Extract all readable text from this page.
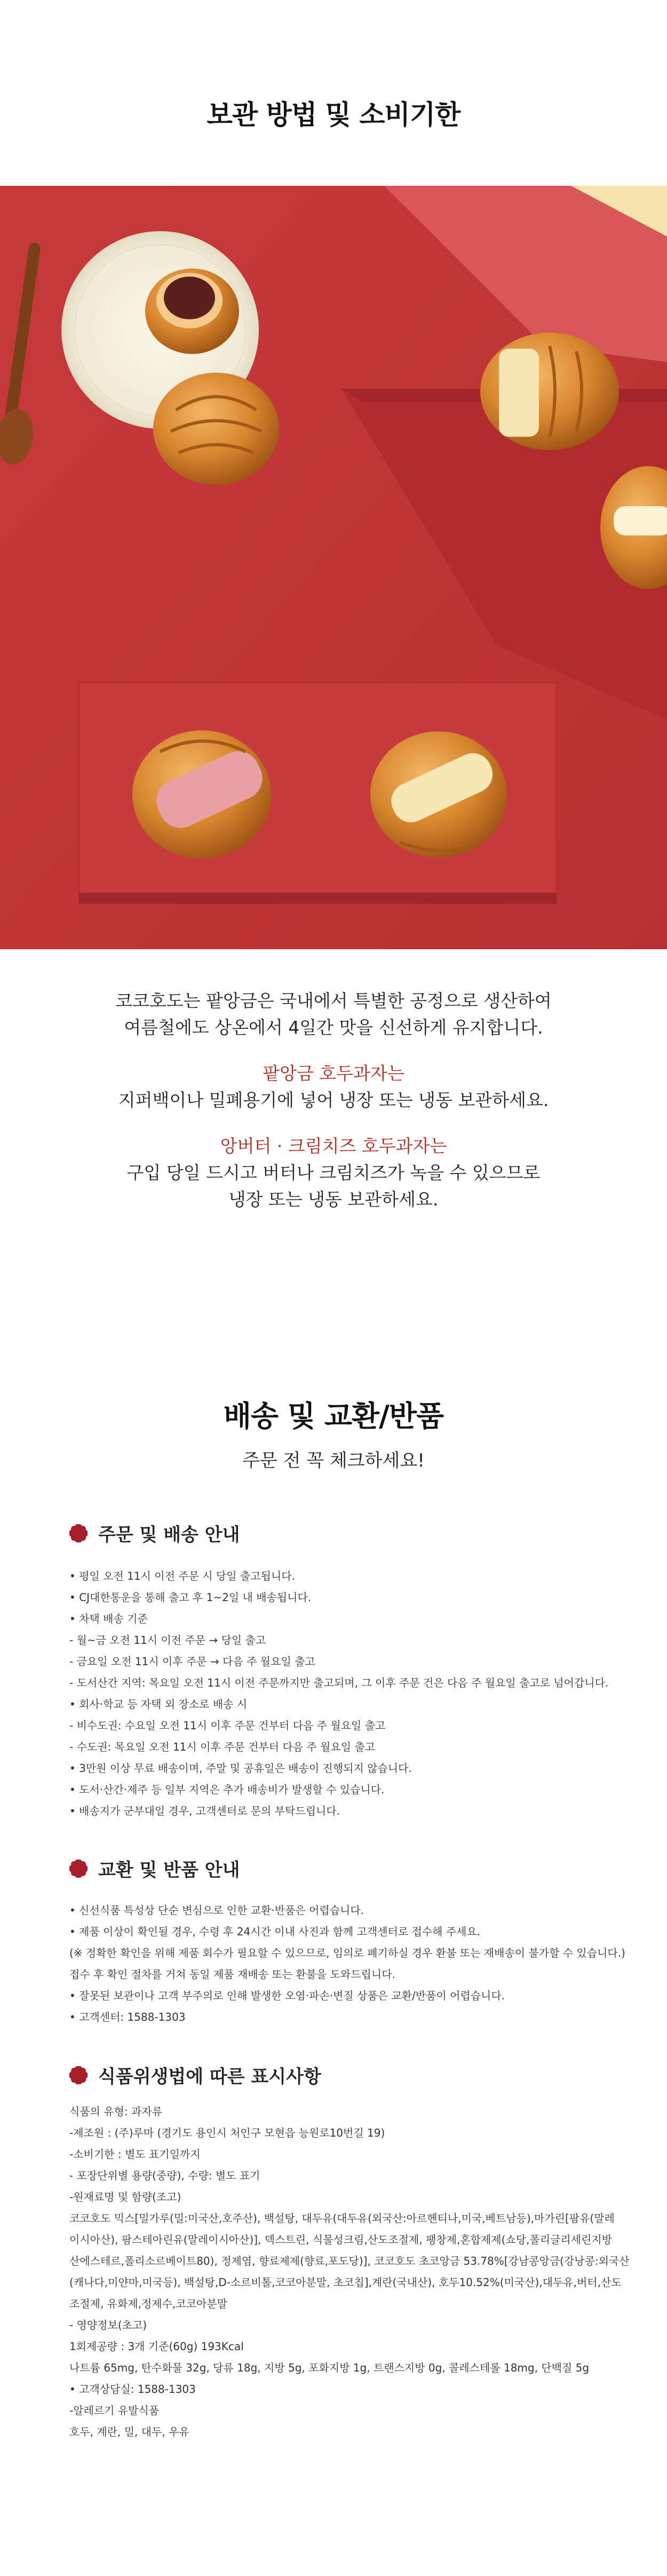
보관 방법 및 소비기한

코코호도는 팥앙금은 국내에서 특별한 공정으로 생산하여

여름철에도 상온에서 4일간 맛을 신선하게 유지합니다.

팥앙금 호두과자는

지퍼백이나 밀폐용기에 넣어 냉장 또는 냉동 보관하세요.

앙버터 · 크림치즈 호두과자는

구입 당일 드시고 버터나 크림치즈가 녹을 수 있으므로

냉장 또는 냉동 보관하세요.

배송 및 교환/반품

주문 전 꼭 체크하세요!

주문 및 배송 안내
• 평일 오전 11시 이전 주문 시 당일 출고됩니다.
• CJ대한통운을 통해 출고 후 1~2일 내 배송됩니다.
• 차택 배송 기준
- 월~금 오전 11시 이전 주문 → 당일 출고
- 금요일 오전 11시 이후 주문 → 다음 주 월요일 출고
- 도서산간 지역: 목요일 오전 11시 이전 주문까지만 출고되며, 그 이후 주문 건은 다음 주 월요일 출고로 넘어갑니다.
• 회사·학교 등 자택 외 장소로 배송 시
- 비수도권: 수요일 오전 11시 이후 주문 건부터 다음 주 월요일 출고
- 수도권: 목요일 오전 11시 이후 주문 건부터 다음 주 월요일 출고
• 3만원 이상 무료 배송이며, 주말 및 공휴일은 배송이 진행되지 않습니다.
• 도서·산간·제주 등 일부 지역은 추가 배송비가 발생할 수 있습니다.
• 배송지가 군부대일 경우, 고객센터로 문의 부탁드립니다.
교환 및 반품 안내
• 신선식품 특성상 단순 변심으로 인한 교환·반품은 어렵습니다.
• 제품 이상이 확인될 경우, 수령 후 24시간 이내 사진과 함께 고객센터로 접수해 주세요.
(※ 정확한 확인을 위해 제품 회수가 필요할 수 있으므로, 임의로 폐기하실 경우 환불 또는 재배송이 불가할 수 있습니다.)
접수 후 확인 절차를 거쳐 동일 제품 재배송 또는 환불을 도와드립니다.
• 잘못된 보관이나 고객 부주의로 인해 발생한 오염·파손·변질 상품은 교환/반품이 어렵습니다.
• 고객센터: 1588-1303
식품위생법에 따른 표시사항
식품의 유형: 과자류
-제조원 : (주)루마 (경기도 용인시 처인구 모현읍 능원로10번길 19)
-소비기한 : 별도 표기일까지
- 포장단위별 용량(중량), 수량: 별도 표기
-원재료명 및 함량(조고)
코코호도 믹스[밀가루(밀:미국산,호주산), 백설탕, 대두유(대두유(외국산:아르헨티나,미국,베트남등),마가린[팜유(말레
이시아산), 팜스테아린유(말레이시아산)], 덱스트린, 식물성크림,산도조절제, 팽창제,혼합제제(쇼당,폴리글리세린지방
산에스테르,폴리소르베이트80), 정제염, 향료제제(향료,포도당)], 코코호도 초코앙금 53.78%[강남콩앙금(강낭콩:외국산
(캐나다,미얀마,미국등), 백설탕,D-소르비톨,코코아분말, 초코칩],계란(국내산), 호두10.52%(미국산),대두유,버터,산도
조절제, 유화제,정제수,코코아분말
- 영양정보(초고)
1회제공량 : 3개 기준(60g) 193Kcal
나트륨 65mg, 탄수화물 32g, 당류 18g, 지방 5g, 포화지방 1g, 트랜스지방 0g, 콜레스테롤 18mg, 단백질 5g
• 고객상담실: 1588-1303
-알레르기 유발식품
호두, 계란, 밀, 대두, 우유
